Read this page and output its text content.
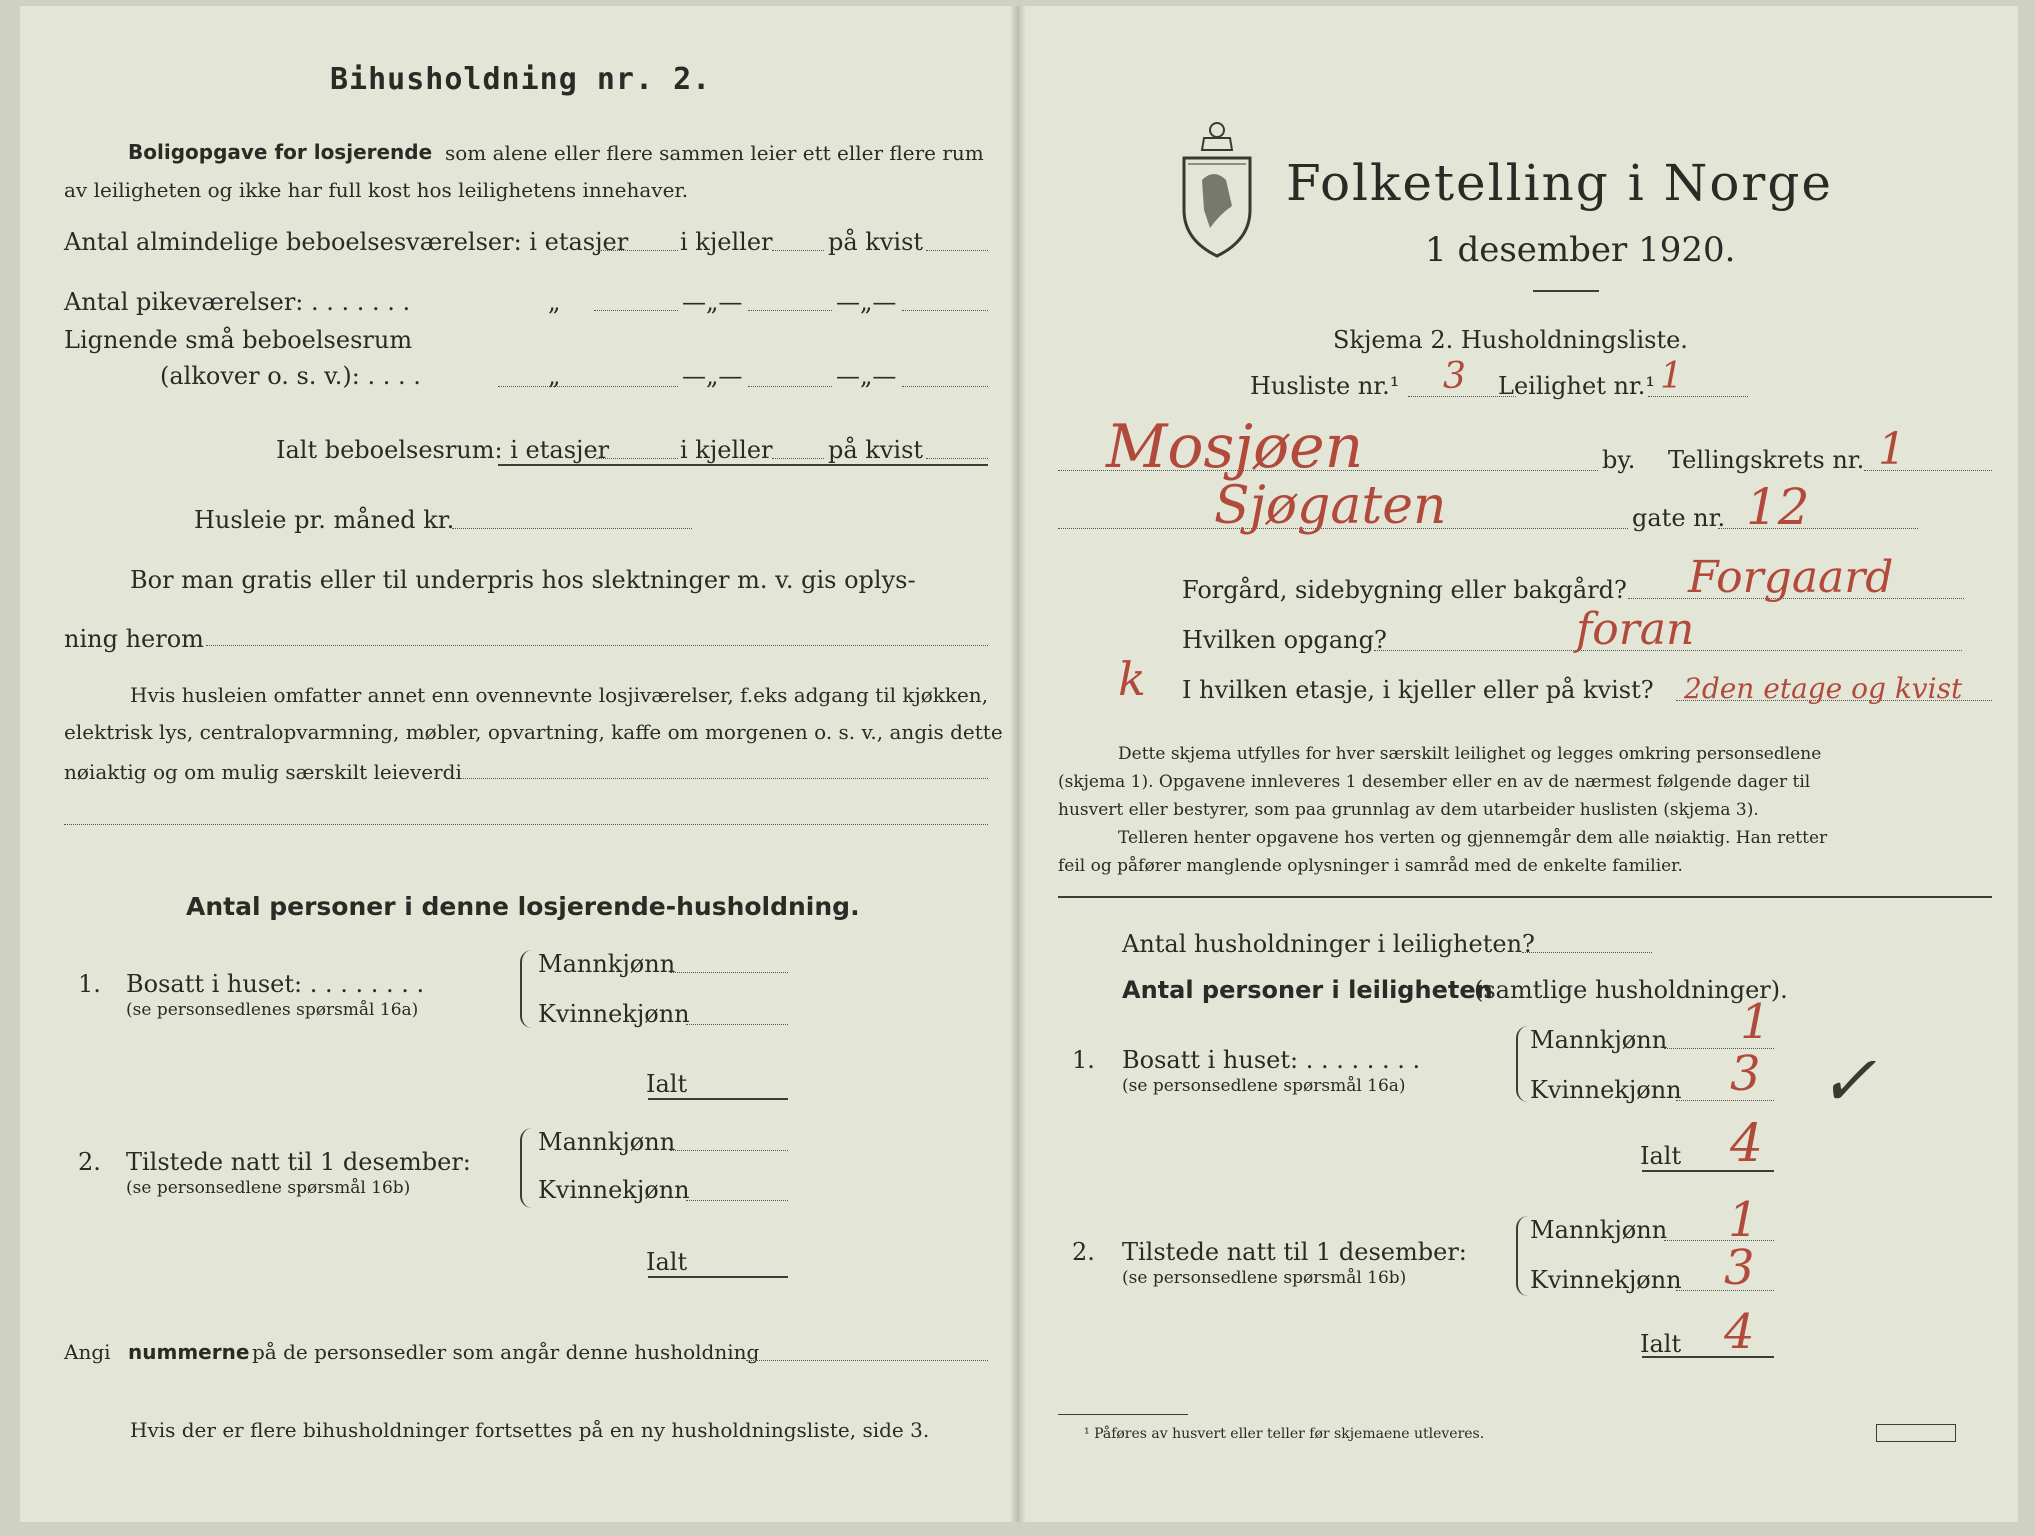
Bihusholdning nr. 2.
Boligopgave for losjerende som alene eller flere sammen leier ett eller flere rum
av leiligheten og ikke har full kost hos leilighetens innehaver.
Antal almindelige beboelsesværelser: i etasjer i kjeller på kvist
Antal pikeværelser: . . . . . . .	„	—„—	—„—
Lignende små beboelsesrum
(alkover o. s. v.): . . . .	„	—„—	—„—
Ialt beboelsesrum: i etasjer	i kjeller på kvist
Husleie pr. måned kr.
Bor man gratis eller til underpris hos slektninger m. v. gis oplys-
ning herom
Hvis husleien omfatter annet enn ovennevnte losjiværelser, f.eks adgang til kjøkken,
elektrisk lys, centralopvarmning, møbler, opvartning, kaffe om morgenen o. s. v., angis dette
nøiaktig og om mulig særskilt leieverdi
Antal personer i denne losjerende-husholdning.
1. Bosatt i huset: . . . . . . . .
(se personsedlenes spørsmål 16a)
Mannkjønn
Kvinnekjønn
Ialt
2. Tilstede natt til 1 desember:
(se personsedlene spørsmål 16b)
Mannkjønn
Kvinnekjønn
Ialt
Angi nummerne på de personsedler som angår denne husholdning
Hvis der er flere bihusholdninger fortsettes på en ny husholdningsliste, side 3.
Folketelling i Norge
1 desember 1920.
Skjema 2. Husholdningsliste.
Husliste nr.¹ 3 Leilighet nr.¹ 1
Mosjøen	by. Tellingskrets nr. 1
Sjøgaten	gate nr. 12
Forgård, sidebygning eller bakgård? Forgaard
Hvilken opgang?	foran
k I hvilken etasje, i kjeller eller på kvist? 2den etage og kvist
Dette skjema utfylles for hver særskilt leilighet og legges omkring personsedlene
(skjema 1). Opgavene innleveres 1 desember eller en av de nærmest følgende dager til
husvert eller bestyrer, som paa grunnlag av dem utarbeider huslisten (skjema 3).
Telleren henter opgavene hos verten og gjennemgår dem alle nøiaktig. Han retter
feil og påfører manglende oplysninger i samråd med de enkelte familier.
Antal husholdninger i leiligheten?
Antal personer i leiligheten
(samtlige husholdninger).
1. Bosatt i huset: . . . . . . . .
(se personsedlene spørsmål 16a)
Mannkjønn 1
Kvinnekjønn 3 ✓
Ialt 4
2. Tilstede natt til 1 desember:
(se personsedlene spørsmål 16b)
Mannkjønn 1
Kvinnekjønn 3
Ialt 4
¹ Påføres av husvert eller teller før skjemaene utleveres.
